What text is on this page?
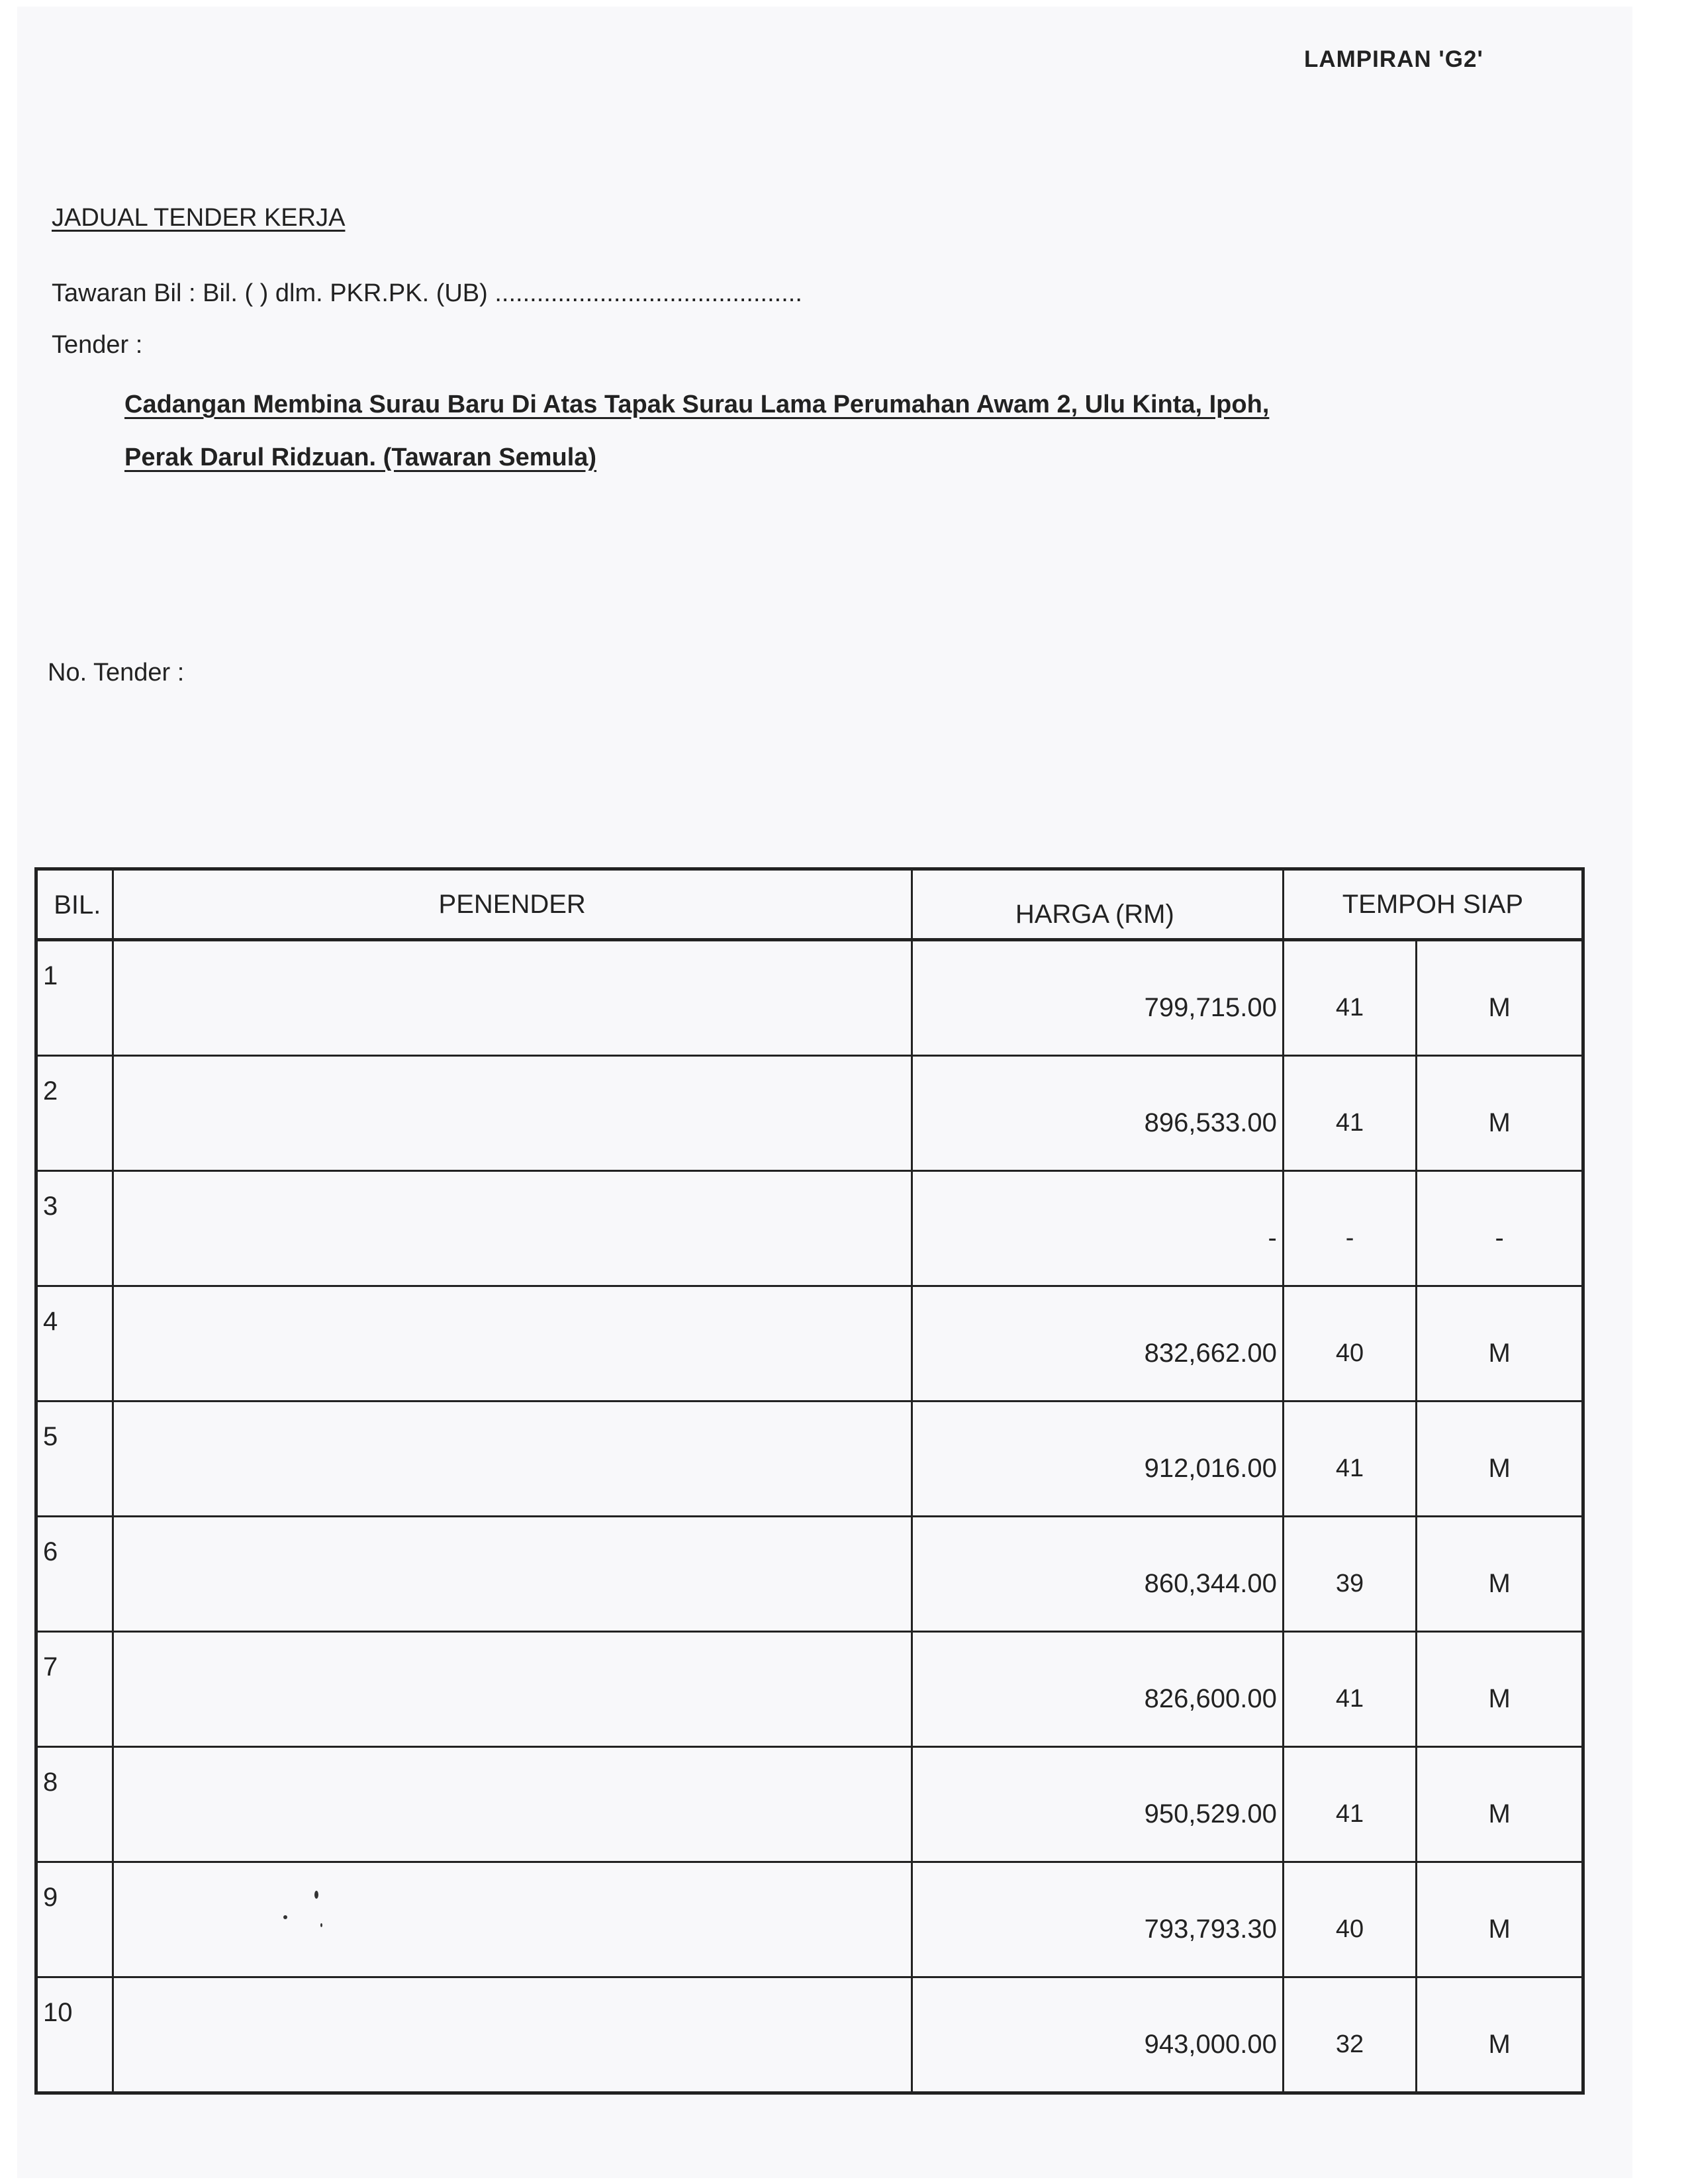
LAMPIRAN 'G2'
JADUAL TENDER KERJA
Tawaran Bil : Bil. ( ) dlm. PKR.PK. (UB) ............................................
Tender :
Cadangan Membina Surau Baru Di Atas Tapak Surau Lama Perumahan Awam 2, Ulu Kinta, Ipoh,
Perak Darul Ridzuan. (Tawaran Semula)
No. Tender :
BIL.	PENENDER	HARGA (RM)	TEMPOH SIAP	
1		799,715.00	41	M
2		896,533.00	41	M
3		-	-	-
4		832,662.00	40	M
5		912,016.00	41	M
6		860,344.00	39	M
7		826,600.00	41	M
8		950,529.00	41	M
9		793,793.30	40	M
10		943,000.00	32	M
